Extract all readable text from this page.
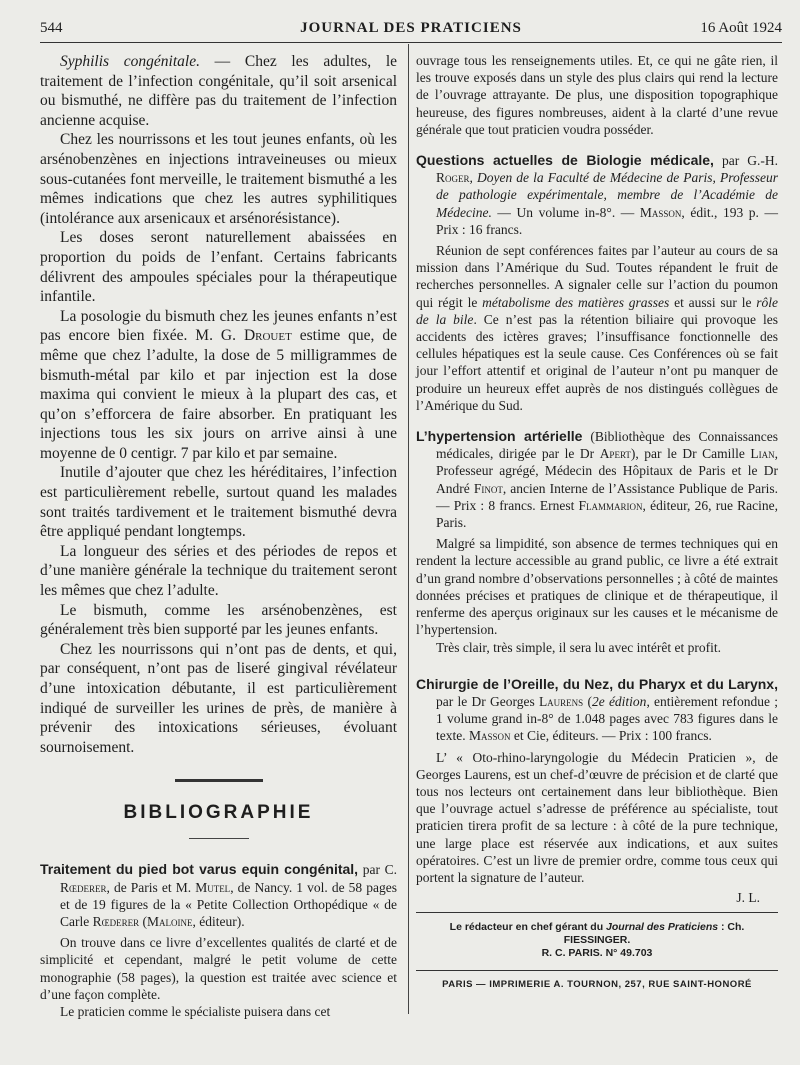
544	JOURNAL DES PRATICIENS	16 Août 1924

Syphilis congénitale. — Chez les adultes, le traitement de l’infection congénitale, qu’il soit arsenical ou bismuthé, ne diffère pas du traitement de l’infection ancienne acquise.

Chez les nourrissons et les tout jeunes enfants, où les arsénobenzènes en injections intraveineuses ou mieux sous-cutanées font merveille, le traitement bismuthé a les mêmes indications que chez les autres syphilitiques (intolérance aux arsenicaux et arsénorésistance).

Les doses seront naturellement abaissées en proportion du poids de l’enfant. Certains fabricants délivrent des ampoules spéciales pour la thérapeutique infantile.

La posologie du bismuth chez les jeunes enfants n’est pas encore bien fixée. M. G. Drouet estime que, de même que chez l’adulte, la dose de 5 milligrammes de bismuth-métal par kilo et par injection est la dose maxima qui convient le mieux à la plupart des cas, et qu’on s’efforcera de faire absorber. En pratiquant les injections tous les six jours on arrive ainsi à une moyenne de 0 centigr. 7 par kilo et par semaine.

Inutile d’ajouter que chez les héréditaires, l’infection est particulièrement rebelle, surtout quand les malades sont traités tardivement et le traitement bismuthé devra être appliqué pendant longtemps.

La longueur des séries et des périodes de repos et d’une manière générale la technique du traitement seront les mêmes que chez l’adulte.

Le bismuth, comme les arsénobenzènes, est généralement très bien supporté par les jeunes enfants.

Chez les nourrissons qui n’ont pas de dents, et qui, par conséquent, n’ont pas de liseré gingival révélateur d’une intoxication débutante, il est particulièrement indiqué de surveiller les urines de près, de manière à prévenir des intoxications sérieuses, évoluant sournoisement.

BIBLIOGRAPHIE

Traitement du pied bot varus equin congénital, par C. Rœderer, de Paris et M. Mutel, de Nancy. 1 vol. de 58 pages et de 19 figures de la « Petite Collection Orthopédique « de Carle Rœderer (Maloine, éditeur).

On trouve dans ce livre d’excellentes qualités de clarté et de simplicité et cependant, malgré le petit volume de cette monographie (58 pages), la question est traitée avec science et d’une façon complète.

Le praticien comme le spécialiste puisera dans cet

ouvrage tous les renseignements utiles. Et, ce qui ne gâte rien, il les trouve exposés dans un style des plus clairs qui rend la lecture de l’ouvrage attrayante. De plus, une disposition topographique heureuse, des figures nombreuses, aident à la clarté d’une revue générale que tout praticien voudra posséder.

Questions actuelles de Biologie médicale, par G.-H. Roger, Doyen de la Faculté de Médecine de Paris, Professeur de pathologie expérimentale, membre de l’Académie de Médecine. — Un volume in-8°. — Masson, édit., 193 p. — Prix : 16 francs.

Réunion de sept conférences faites par l’auteur au cours de sa mission dans l’Amérique du Sud. Toutes répandent le fruit de recherches personnelles. A signaler celle sur l’action du poumon qui régit le métabolisme des matières grasses et aussi sur le rôle de la bile. Ce n’est pas la rétention biliaire qui provoque les accidents des ictères graves; l’insuffisance fonctionnelle des cellules hépatiques est la seule cause. Ces Conférences où se fait jour l’effort attentif et original de l’auteur n’ont pu manquer de produire un heureux effet auprès de nos distingués collègues de l’Amérique du Sud.

L’hypertension artérielle (Bibliothèque des Connaissances médicales, dirigée par le Dr Apert), par le Dr Camille Lian, Professeur agrégé, Médecin des Hôpitaux de Paris et le Dr André Finot, ancien Interne de l’Assistance Publique de Paris. — Prix : 8 francs. Ernest Flammarion, éditeur, 26, rue Racine, Paris.

Malgré sa limpidité, son absence de termes techniques qui en rendent la lecture accessible au grand public, ce livre a été extrait d’un grand nombre d’observations personnelles ; à côté de maintes données précises et pratiques de clinique et de thérapeutique, il renferme des aperçus originaux sur les causes et le mécanisme de l’hypertension.

Très clair, très simple, il sera lu avec intérêt et profit.

Chirurgie de l’Oreille, du Nez, du Pharyx et du Larynx, par le Dr Georges Laurens (2e édition, entièrement refondue ; 1 volume grand in-8° de 1.048 pages avec 783 figures dans le texte. Masson et Cie, éditeurs. — Prix : 100 francs.

L’ « Oto-rhino-laryngologie du Médecin Praticien », de Georges Laurens, est un chef-d’œuvre de précision et de clarté que tous nos lecteurs ont certainement dans leur bibliothèque. Bien que l’ouvrage actuel s’adresse de préférence au spécialiste, tout praticien tirera profit de sa lecture : à côté de la pure technique, une large place est réservée aux indications, et aux suites opératoires. C’est un livre de premier ordre, comme tous ceux qui portent la signature de l’auteur.

J. L.
Le rédacteur en chef gérant du Journal des Praticiens : Ch. FIESSINGER.
R. C. PARIS. N° 49.703
PARIS — IMPRIMERIE A. TOURNON, 257, RUE SAINT-HONORÉ
